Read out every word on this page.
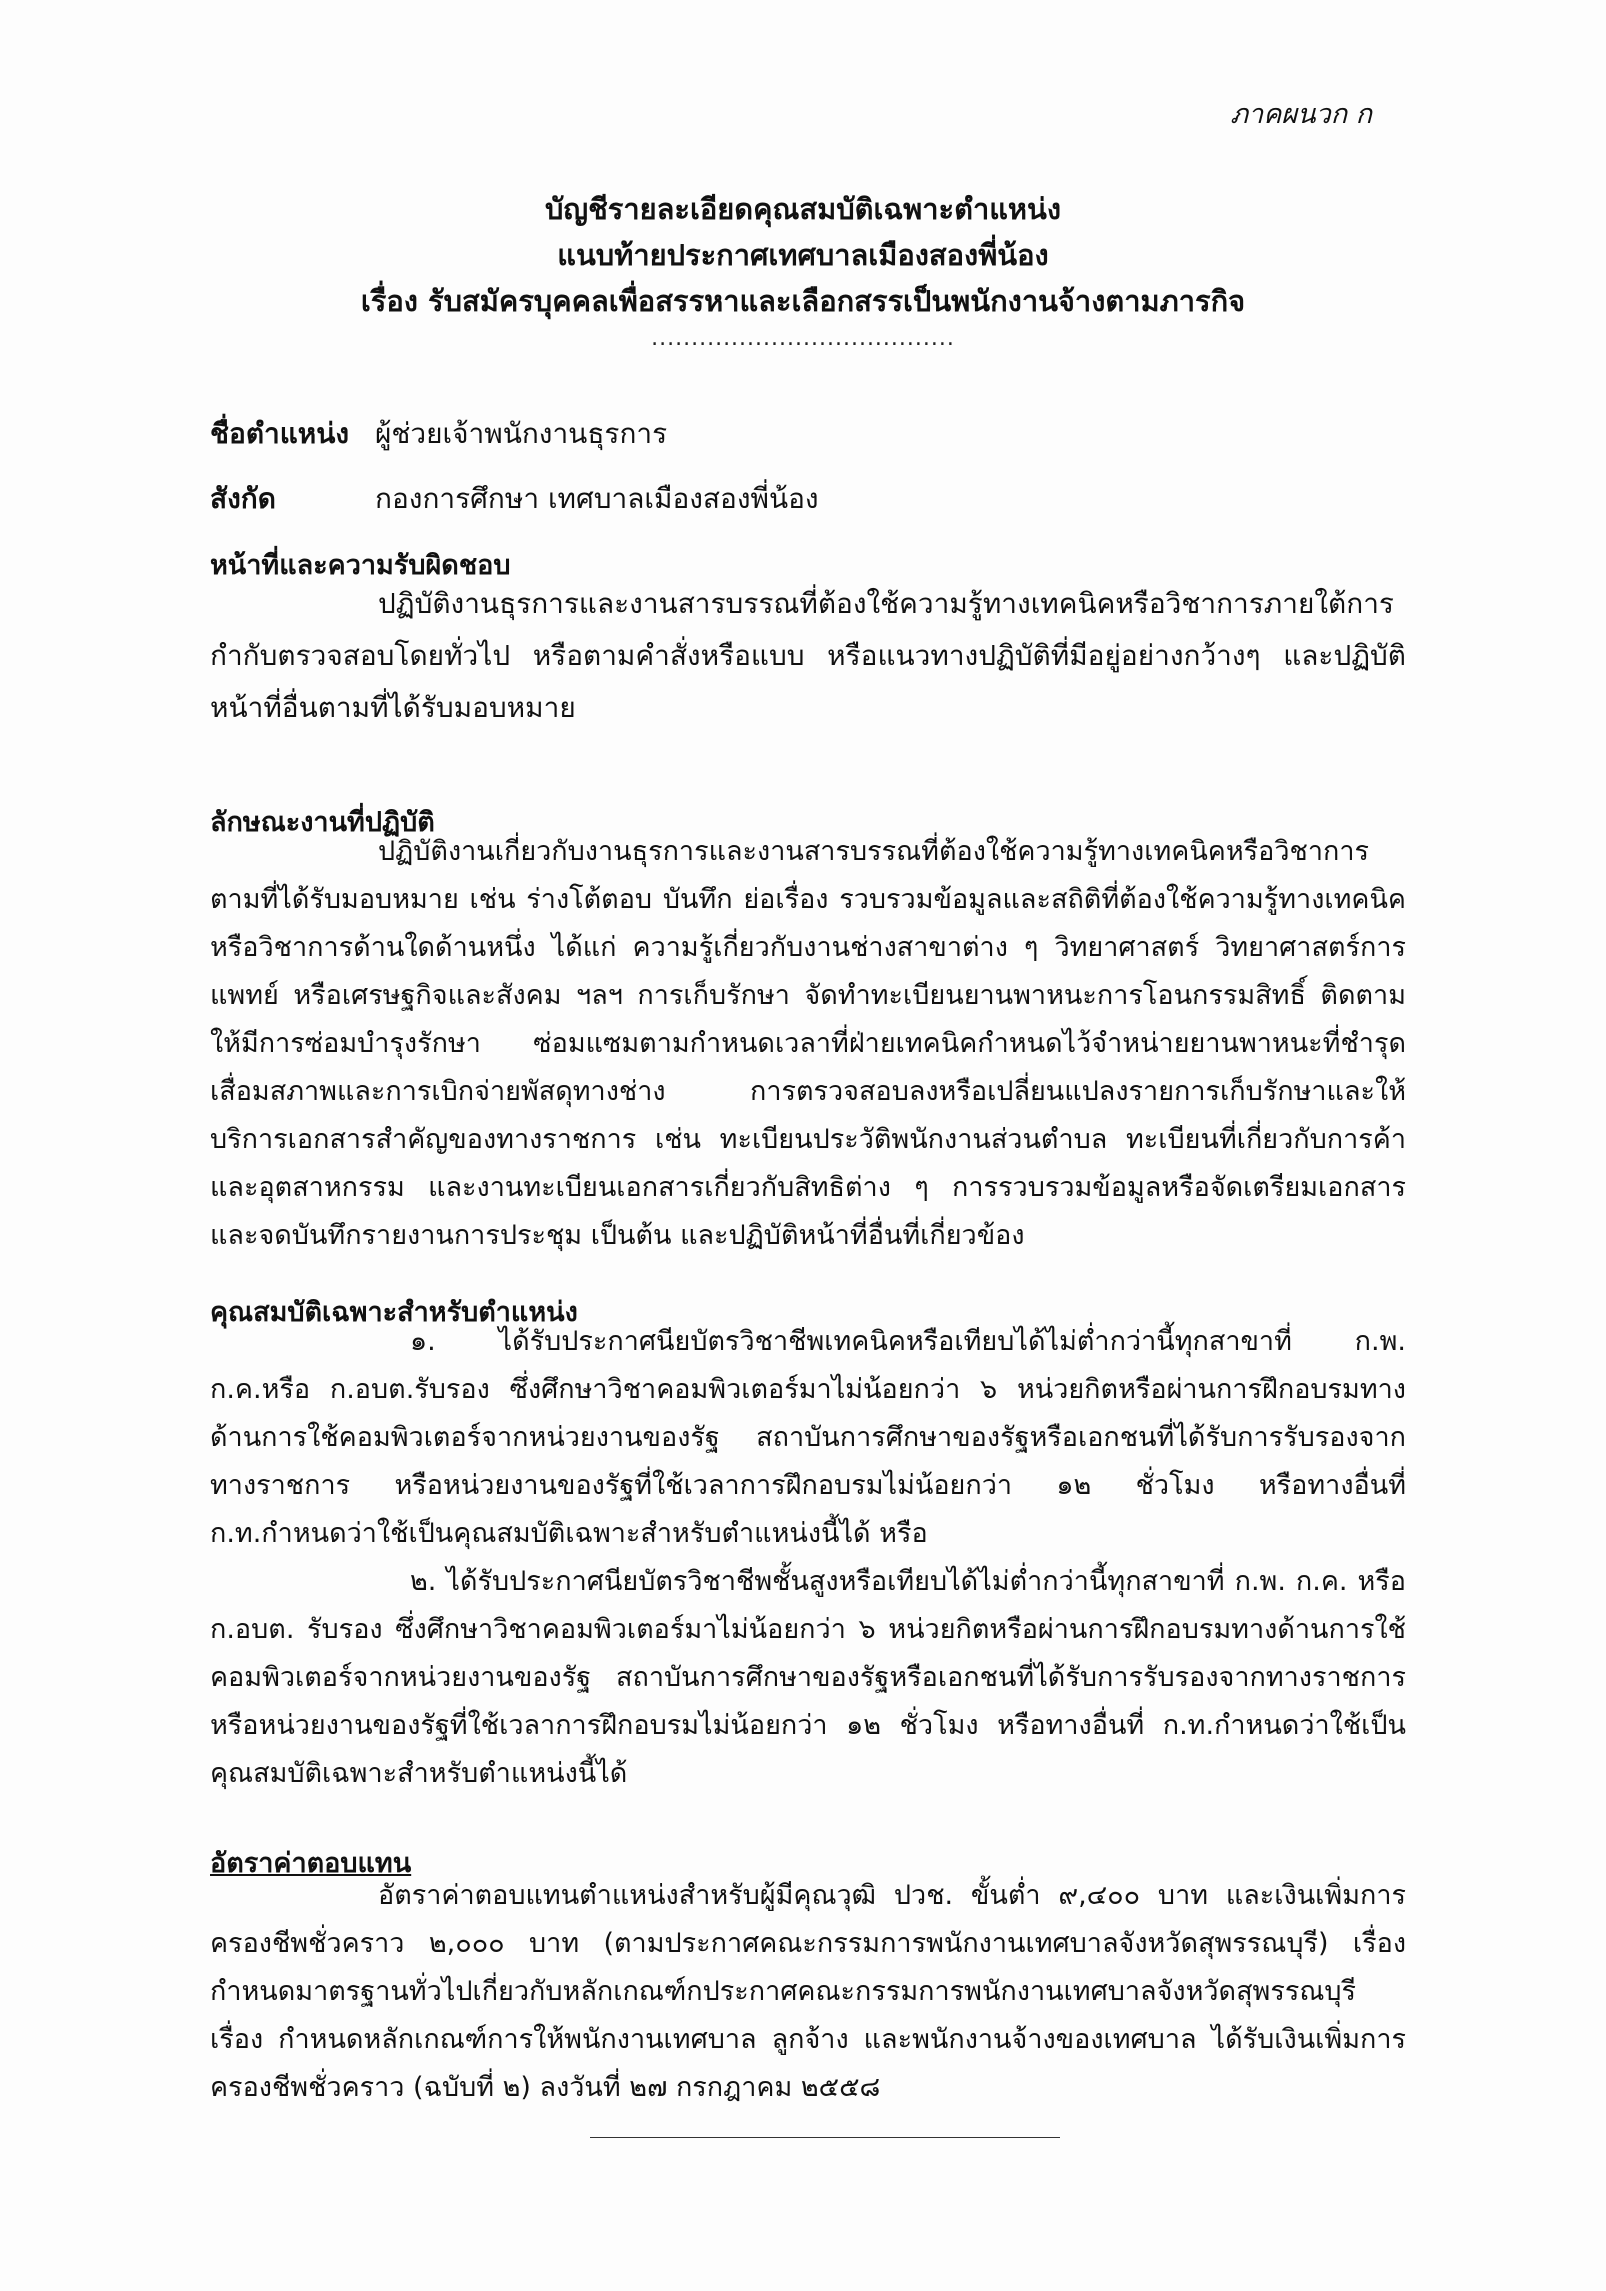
ภาคผนวก ก
บัญชีรายละเอียดคุณสมบัติเฉพาะตำแหน่ง
แนบท้ายประกาศเทศบาลเมืองสองพี่น้อง
เรื่อง รับสมัครบุคคลเพื่อสรรหาและเลือกสรรเป็นพนักงานจ้างตามภารกิจ
......................................
ชื่อตำแหน่ง ผู้ช่วยเจ้าพนักงานธุรการ
สังกัด	กองการศึกษา เทศบาลเมืองสองพี่น้อง
หน้าที่และความรับผิดชอบ
ปฏิบัติงานธุรการและงานสารบรรณที่ต้องใช้ความรู้ทางเทคนิคหรือวิชาการภายใต้การกำกับตรวจสอบโดยทั่วไป หรือตามคำสั่งหรือแบบ หรือแนวทางปฏิบัติที่มีอยู่อย่างกว้างๆ และปฏิบัติหน้าที่อื่นตามที่ได้รับมอบหมาย
ลักษณะงานที่ปฏิบัติ
ปฏิบัติงานเกี่ยวกับงานธุรการและงานสารบรรณที่ต้องใช้ความรู้ทางเทคนิคหรือวิชาการตามที่ได้รับมอบหมาย เช่น ร่างโต้ตอบ บันทึก ย่อเรื่อง รวบรวมข้อมูลและสถิติที่ต้องใช้ความรู้ทางเทคนิคหรือวิชาการด้านใดด้านหนึ่ง ได้แก่ ความรู้เกี่ยวกับงานช่างสาขาต่าง ๆ วิทยาศาสตร์ วิทยาศาสตร์การแพทย์ หรือเศรษฐกิจและสังคม ฯลฯ การเก็บรักษา จัดทำทะเบียนยานพาหนะการโอนกรรมสิทธิ์ ติดตามให้มีการซ่อมบำรุงรักษา ซ่อมแซมตามกำหนดเวลาที่ฝ่ายเทคนิคกำหนดไว้จำหน่ายยานพาหนะที่ชำรุดเสื่อมสภาพและการเบิกจ่ายพัสดุทางช่าง การตรวจสอบลงหรือเปลี่ยนแปลงรายการเก็บรักษาและให้บริการเอกสารสำคัญของทางราชการ เช่น ทะเบียนประวัติพนักงานส่วนตำบล ทะเบียนที่เกี่ยวกับการค้าและอุตสาหกรรม และงานทะเบียนเอกสารเกี่ยวกับสิทธิต่าง ๆ การรวบรวมข้อมูลหรือจัดเตรียมเอกสารและจดบันทึกรายงานการประชุม เป็นต้น และปฏิบัติหน้าที่อื่นที่เกี่ยวข้อง
คุณสมบัติเฉพาะสำหรับตำแหน่ง
๑. ได้รับประกาศนียบัตรวิชาชีพเทคนิคหรือเทียบได้ไม่ต่ำกว่านี้ทุกสาขาที่ ก.พ. ก.ค.หรือ ก.อบต.รับรอง ซึ่งศึกษาวิชาคอมพิวเตอร์มาไม่น้อยกว่า ๖ หน่วยกิตหรือผ่านการฝึกอบรมทางด้านการใช้คอมพิวเตอร์จากหน่วยงานของรัฐ สถาบันการศึกษาของรัฐหรือเอกชนที่ได้รับการรับรองจากทางราชการ หรือหน่วยงานของรัฐที่ใช้เวลาการฝึกอบรมไม่น้อยกว่า ๑๒ ชั่วโมง หรือทางอื่นที่ ก.ท.กำหนดว่าใช้เป็นคุณสมบัติเฉพาะสำหรับตำแหน่งนี้ได้ หรือ
๒. ได้รับประกาศนียบัตรวิชาชีพชั้นสูงหรือเทียบได้ไม่ต่ำกว่านี้ทุกสาขาที่ ก.พ. ก.ค. หรือ ก.อบต. รับรอง ซึ่งศึกษาวิชาคอมพิวเตอร์มาไม่น้อยกว่า ๖ หน่วยกิตหรือผ่านการฝึกอบรมทางด้านการใช้คอมพิวเตอร์จากหน่วยงานของรัฐ สถาบันการศึกษาของรัฐหรือเอกชนที่ได้รับการรับรองจากทางราชการ หรือหน่วยงานของรัฐที่ใช้เวลาการฝึกอบรมไม่น้อยกว่า ๑๒ ชั่วโมง หรือทางอื่นที่ ก.ท.กำหนดว่าใช้เป็นคุณสมบัติเฉพาะสำหรับตำแหน่งนี้ได้
อัตราค่าตอบแทน
อัตราค่าตอบแทนตำแหน่งสำหรับผู้มีคุณวุฒิ ปวช. ขั้นต่ำ ๙,๔๐๐ บาท และเงินเพิ่มการครองชีพชั่วคราว ๒,๐๐๐ บาท (ตามประกาศคณะกรรมการพนักงานเทศบาลจังหวัดสุพรรณบุรี) เรื่องกำหนดมาตรฐานทั่วไปเกี่ยวกับหลักเกณฑ์กประกาศคณะกรรมการพนักงานเทศบาลจังหวัดสุพรรณบุรี เรื่อง กำหนดหลักเกณฑ์การให้พนักงานเทศบาล ลูกจ้าง และพนักงานจ้างของเทศบาล ได้รับเงินเพิ่มการครองชีพชั่วคราว (ฉบับที่ ๒) ลงวันที่ ๒๗ กรกฎาคม ๒๕๕๘
